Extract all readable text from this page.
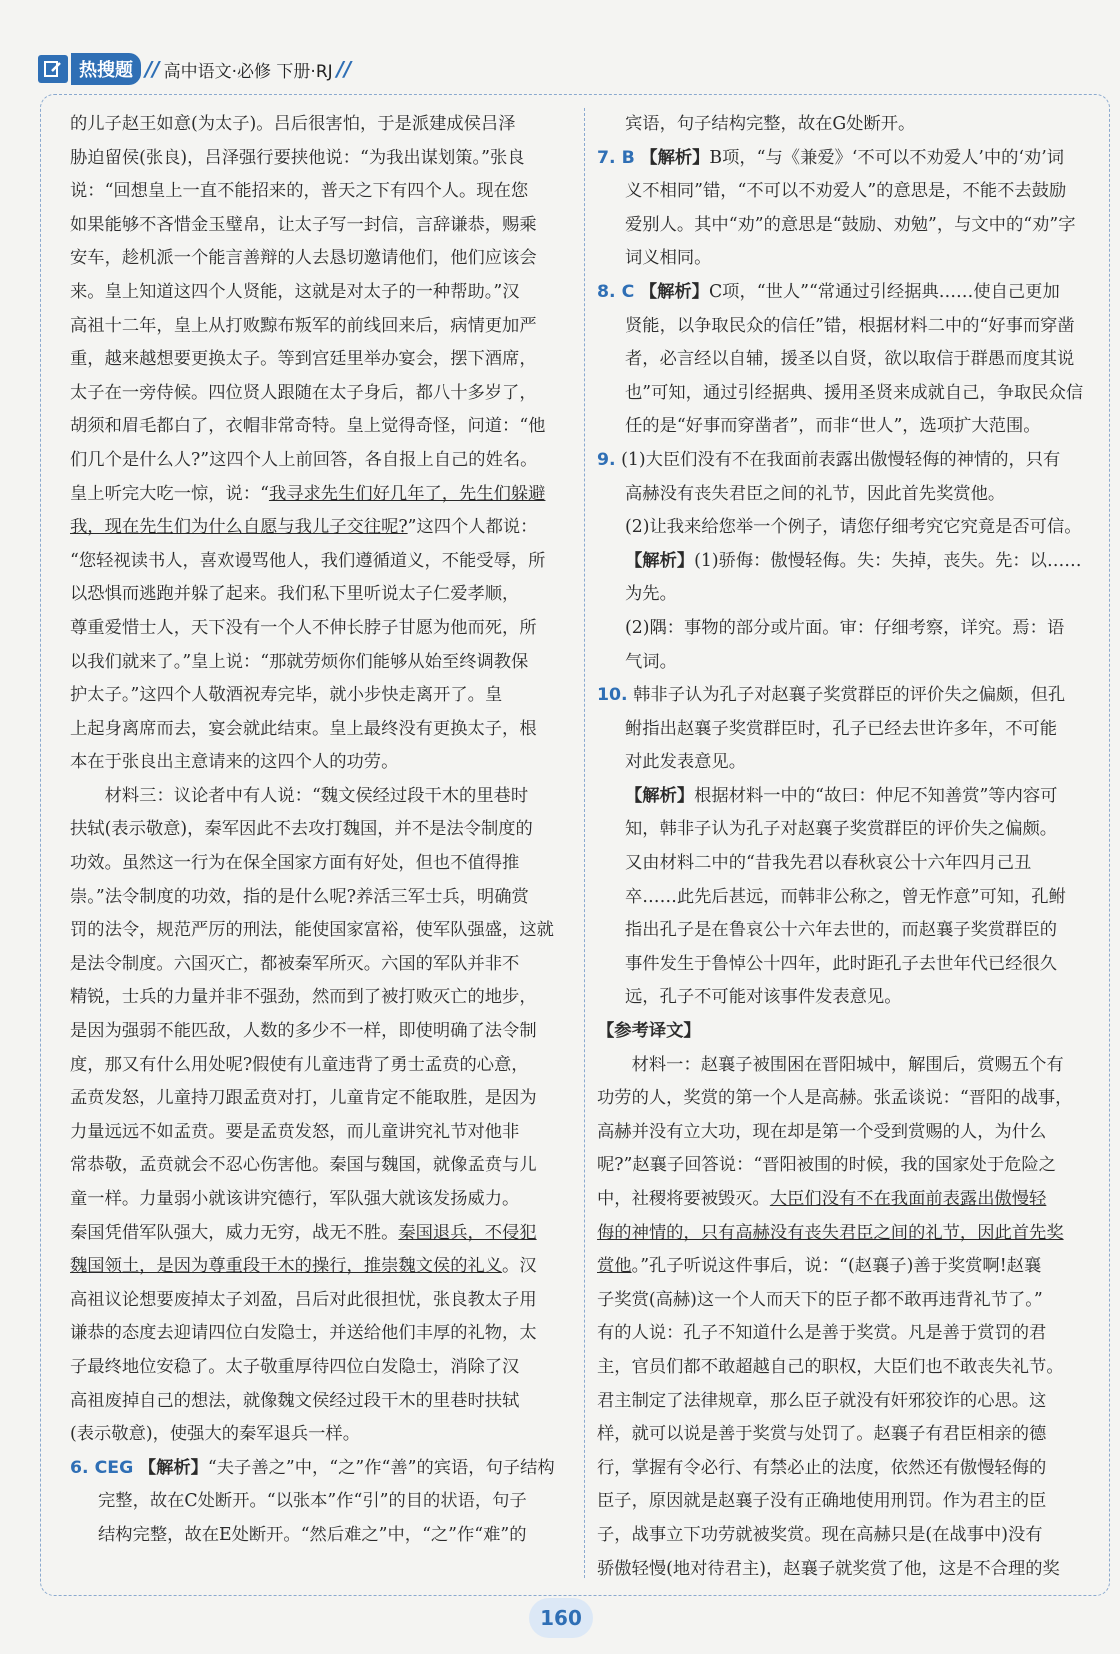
热搜题 // 高中语文·必修 下册·RJ //

的儿子赵王如意(为太子)。吕后很害怕，于是派建成侯吕泽

胁迫留侯(张良)，吕泽强行要挟他说：“为我出谋划策。”张良

说：“回想皇上一直不能招来的，普天之下有四个人。现在您

如果能够不吝惜金玉璧帛，让太子写一封信，言辞谦恭，赐乘

安车，趁机派一个能言善辩的人去恳切邀请他们，他们应该会

来。皇上知道这四个人贤能，这就是对太子的一种帮助。”汉

高祖十二年，皇上从打败黥布叛军的前线回来后，病情更加严

重，越来越想要更换太子。等到宫廷里举办宴会，摆下酒席，

太子在一旁侍候。四位贤人跟随在太子身后，都八十多岁了，

胡须和眉毛都白了，衣帽非常奇特。皇上觉得奇怪，问道：“他

们几个是什么人?”这四个人上前回答，各自报上自己的姓名。

皇上听完大吃一惊，说：“我寻求先生们好几年了，先生们躲避

我，现在先生们为什么自愿与我儿子交往呢?”这四个人都说：

“您轻视读书人，喜欢谩骂他人，我们遵循道义，不能受辱，所

以恐惧而逃跑并躲了起来。我们私下里听说太子仁爱孝顺，

尊重爱惜士人，天下没有一个人不伸长脖子甘愿为他而死，所

以我们就来了。”皇上说：“那就劳烦你们能够从始至终调教保

护太子。”这四个人敬酒祝寿完毕，就小步快走离开了。皇

上起身离席而去，宴会就此结束。皇上最终没有更换太子，根

本在于张良出主意请来的这四个人的功劳。

材料三：议论者中有人说：“魏文侯经过段干木的里巷时

扶轼(表示敬意)，秦军因此不去攻打魏国，并不是法令制度的

功效。虽然这一行为在保全国家方面有好处，但也不值得推

崇。”法令制度的功效，指的是什么呢?养活三军士兵，明确赏

罚的法令，规范严厉的刑法，能使国家富裕，使军队强盛，这就

是法令制度。六国灭亡，都被秦军所灭。六国的军队并非不

精锐，士兵的力量并非不强劲，然而到了被打败灭亡的地步，

是因为强弱不能匹敌，人数的多少不一样，即使明确了法令制

度，那又有什么用处呢?假使有儿童违背了勇士孟贲的心意，

孟贲发怒，儿童持刀跟孟贲对打，儿童肯定不能取胜，是因为

力量远远不如孟贲。要是孟贲发怒，而儿童讲究礼节对他非

常恭敬，孟贲就会不忍心伤害他。秦国与魏国，就像孟贲与儿

童一样。力量弱小就该讲究德行，军队强大就该发扬威力。

秦国凭借军队强大，威力无穷，战无不胜。秦国退兵，不侵犯

魏国领土，是因为尊重段干木的操行，推崇魏文侯的礼义。汉

高祖议论想要废掉太子刘盈，吕后对此很担忧，张良教太子用

谦恭的态度去迎请四位白发隐士，并送给他们丰厚的礼物，太

子最终地位安稳了。太子敬重厚待四位白发隐士，消除了汉

高祖废掉自己的想法，就像魏文侯经过段干木的里巷时扶轼

(表示敬意)，使强大的秦军退兵一样。

6. CEG 【解析】“夫子善之”中，“之”作“善”的宾语，句子结构

完整，故在C处断开。“以张本”作“引”的目的状语，句子

结构完整，故在E处断开。“然后难之”中，“之”作“难”的

宾语，句子结构完整，故在G处断开。

7. B 【解析】B项，“与《兼爱》‘不可以不劝爱人’中的‘劝’词

义不相同”错，“不可以不劝爱人”的意思是，不能不去鼓励

爱别人。其中“劝”的意思是“鼓励、劝勉”，与文中的“劝”字

词义相同。

8. C 【解析】C项，“世人”“常通过引经据典……使自己更加

贤能，以争取民众的信任”错，根据材料二中的“好事而穿凿

者，必言经以自辅，援圣以自贤，欲以取信于群愚而度其说

也”可知，通过引经据典、援用圣贤来成就自己，争取民众信

任的是“好事而穿凿者”，而非“世人”，选项扩大范围。

9. (1)大臣们没有不在我面前表露出傲慢轻侮的神情的，只有

高赫没有丧失君臣之间的礼节，因此首先奖赏他。

(2)让我来给您举一个例子，请您仔细考究它究竟是否可信。

【解析】(1)骄侮：傲慢轻侮。失：失掉，丧失。先：以……为先。

(2)隅：事物的部分或片面。审：仔细考察，详究。焉：语

气词。

10. 韩非子认为孔子对赵襄子奖赏群臣的评价失之偏颇，但孔

鲋指出赵襄子奖赏群臣时，孔子已经去世许多年，不可能

对此发表意见。

【解析】根据材料一中的“故曰：仲尼不知善赏”等内容可

知，韩非子认为孔子对赵襄子奖赏群臣的评价失之偏颇。

又由材料二中的“昔我先君以春秋哀公十六年四月己丑

卒……此先后甚远，而韩非公称之，曾无怍意”可知，孔鲋

指出孔子是在鲁哀公十六年去世的，而赵襄子奖赏群臣的

事件发生于鲁悼公十四年，此时距孔子去世年代已经很久

远，孔子不可能对该事件发表意见。

【参考译文】

材料一：赵襄子被围困在晋阳城中，解围后，赏赐五个有

功劳的人，奖赏的第一个人是高赫。张孟谈说：“晋阳的战事，

高赫并没有立大功，现在却是第一个受到赏赐的人，为什么

呢?”赵襄子回答说：“晋阳被围的时候，我的国家处于危险之

中，社稷将要被毁灭。大臣们没有不在我面前表露出傲慢轻

侮的神情的，只有高赫没有丧失君臣之间的礼节，因此首先奖

赏他。”孔子听说这件事后，说：“(赵襄子)善于奖赏啊!赵襄

子奖赏(高赫)这一个人而天下的臣子都不敢再违背礼节了。”

有的人说：孔子不知道什么是善于奖赏。凡是善于赏罚的君

主，官员们都不敢超越自己的职权，大臣们也不敢丧失礼节。

君主制定了法律规章，那么臣子就没有奸邪狡诈的心思。这

样，就可以说是善于奖赏与处罚了。赵襄子有君臣相亲的德

行，掌握有令必行、有禁必止的法度，依然还有傲慢轻侮的

臣子，原因就是赵襄子没有正确地使用刑罚。作为君主的臣

子，战事立下功劳就被奖赏。现在高赫只是(在战事中)没有

骄傲轻慢(地对待君主)，赵襄子就奖赏了他，这是不合理的奖

160
